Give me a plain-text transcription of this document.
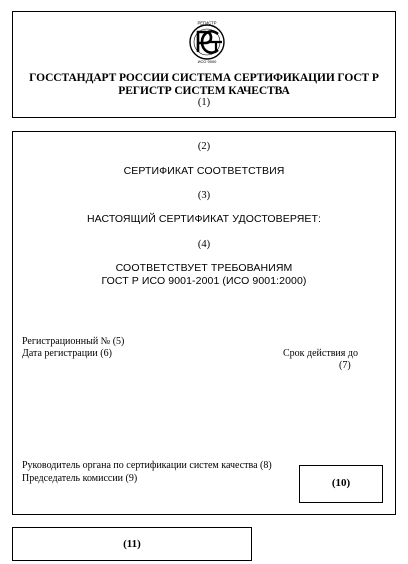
РЕГИСТР
ИСО 9000
ГОССТАНДАРТ РОССИИ СИСТЕМА СЕРТИФИКАЦИИ ГОСТ Р
РЕГИСТР СИСТЕМ КАЧЕСТВА
(1)
(2)
СЕРТИФИКАТ СООТВЕТСТВИЯ
(3)
НАСТОЯЩИЙ СЕРТИФИКАТ УДОСТОВЕРЯЕТ:
(4)
СООТВЕТСТВУЕТ ТРЕБОВАНИЯМ
ГОСТ Р ИСО 9001-2001 (ИСО 9001:2000)
Регистрационный № (5)
Дата регистрации (6)	Срок действия до
(7)
Руководитель органа по сертификации систем качества (8)
Председатель комиссии (9)	(10)
(11)
